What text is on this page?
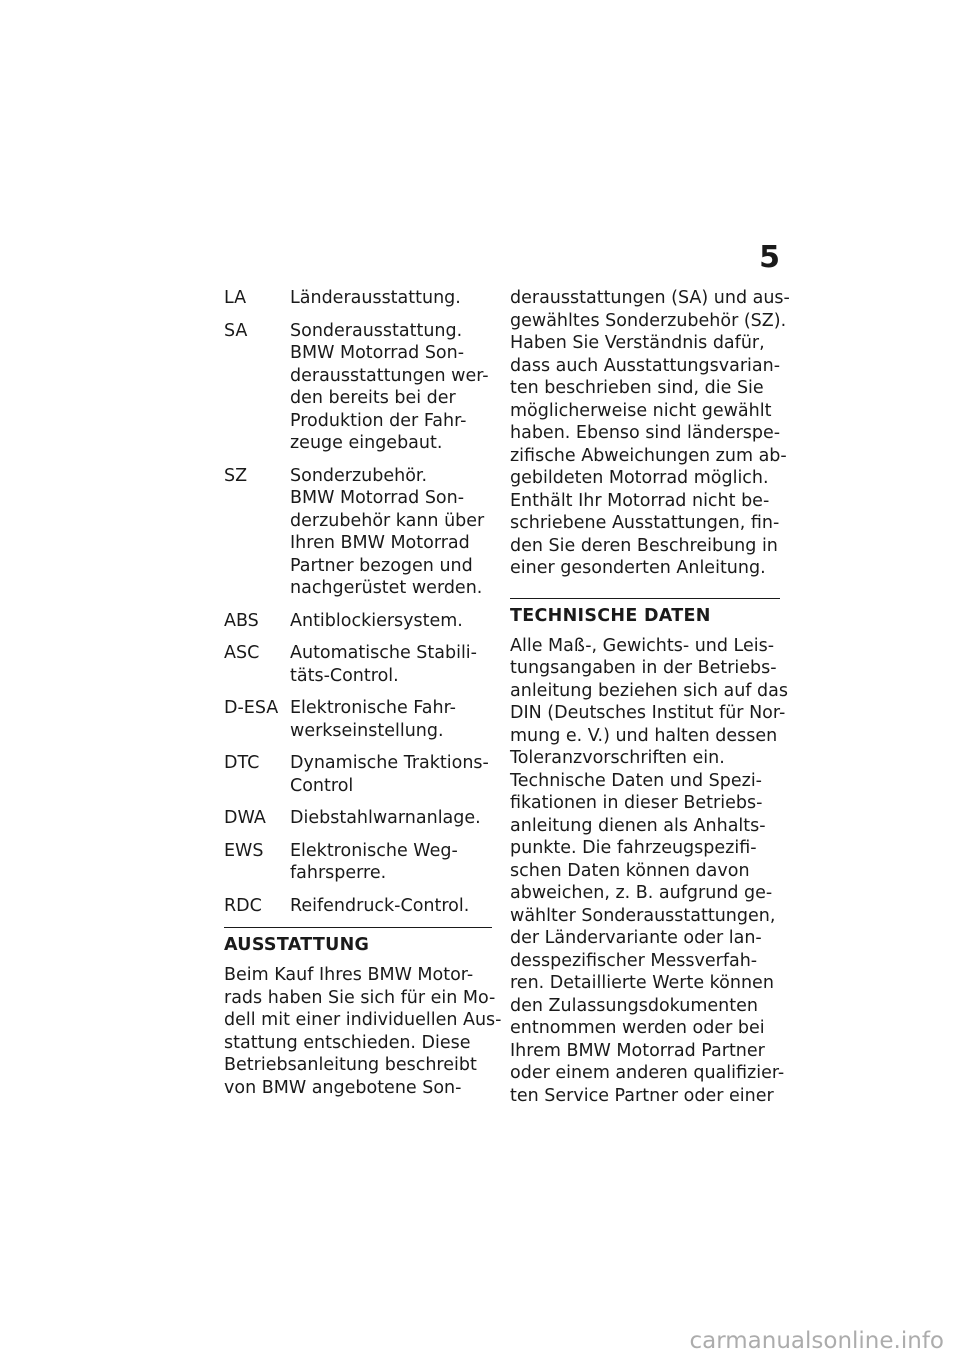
5
LA	Länderausstattung.
SA	Sonderausstattung.
BMW Motorrad Son-
derausstattungen wer-
den bereits bei der
Produktion der Fahr-
zeuge eingebaut.
SZ	Sonderzubehör.
BMW Motorrad Son-
derzubehör kann über
Ihren BMW Motorrad
Partner bezogen und
nachgerüstet werden.
ABS	Antiblockiersystem.
ASC	Automatische Stabili-
täts-Control.
D-ESA Elektronische Fahr-
werkseinstellung.
DTC	Dynamische Traktions-
Control
DWA	Diebstahlwarnanlage.
EWS	Elektronische Weg-
fahrsperre.
RDC	Reifendruck-Control.
AUSSTATTUNG
Beim Kauf Ihres BMW Motor-
rads haben Sie sich für ein Mo-
dell mit einer individuellen Aus-
stattung entschieden. Diese
Betriebsanleitung beschreibt
von BMW angebotene Son-
derausstattungen (SA) und aus-
gewähltes Sonderzubehör (SZ).
Haben Sie Verständnis dafür,
dass auch Ausstattungsvarian-
ten beschrieben sind, die Sie
möglicherweise nicht gewählt
haben. Ebenso sind länderspe-
zifische Abweichungen zum ab-
gebildeten Motorrad möglich.
Enthält Ihr Motorrad nicht be-
schriebene Ausstattungen, fin-
den Sie deren Beschreibung in
einer gesonderten Anleitung.
TECHNISCHE DATEN
Alle Maß-, Gewichts- und Leis-
tungsangaben in der Betriebs-
anleitung beziehen sich auf das
DIN (Deutsches Institut für Nor-
mung e. V.) und halten dessen
Toleranzvorschriften ein.
Technische Daten und Spezi-
fikationen in dieser Betriebs-
anleitung dienen als Anhalts-
punkte. Die fahrzeugspezifi-
schen Daten können davon
abweichen, z. B. aufgrund ge-
wählter Sonderausstattungen,
der Ländervariante oder lan-
desspezifischer Messverfah-
ren. Detaillierte Werte können
den Zulassungsdokumenten
entnommen werden oder bei
Ihrem BMW Motorrad Partner
oder einem anderen qualifizier-
ten Service Partner oder einer
carmanualsonline.info
